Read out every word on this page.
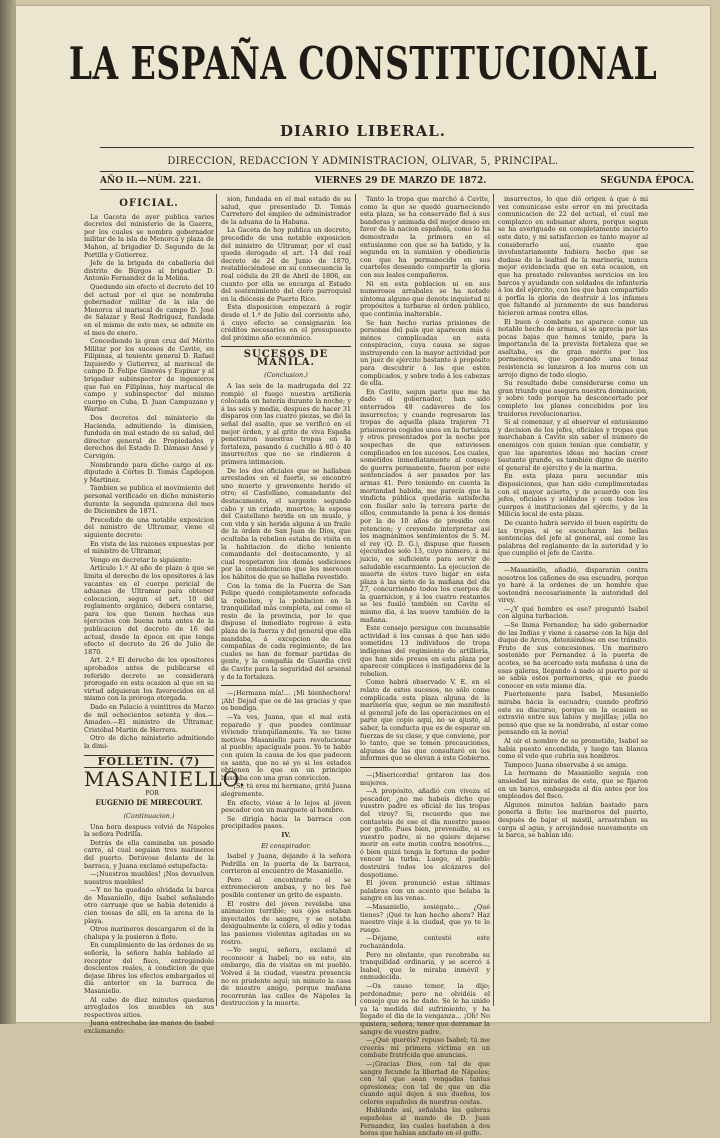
LA ESPAÑA CONSTITUCIONAL
DIARIO LIBERAL.
DIRECCION, REDACCION Y ADMINISTRACION, OLIVAR, 5, PRINCIPAL.
AÑO II.—NÚM. 221.	VIERNES 29 DE MARZO DE 1872.	SEGUNDA ÉPOCA.
OFICIAL.

La Gaceta de ayer publica varios decretos del ministerio de la Guerra, por los cuales se nombra gobernador militar de la isla de Menorca y plaza de Mahon, al brigadier D. Segundo de la Portilla y Gutierrez.

Jefe de la brigada de caballería del distrito de Búrgos al brigadier D. Antonio Fernandez de la Molina.

Quedando sin efecto el decreto del 10 del actual por el que se nombraba gobernador militar de la isla de Menorca al mariscal de campo D. José de Salazar y Real Rodríguez, fundada en el mismo de este mes, se admite en el mes de enero.

Concediendo la gran cruz del Mérito Militar por los sucesos de Cavite, en Filipinas, al teniente general D. Rafael Izquierdo y Gutierrez, al mariscal de campo D. Felipe Ginovés y Espinar y al brigadier subinspector de ingenieros que fué en Filipinas, hoy mariscal de campo y subinspector del mismo cuerpo en Cuba, D. Juan Campuzano y Warner.

Dos decretos del ministerio de Hacienda, admitiendo la dimision, fundada en mal estado de su salud, del director general de Propiedades y derechos del Estado D. Dámaso Ansó y Cervigón.

Nombrando para dicho cargo al ex-diputado á Córtes D. Tomás Capdepon y Martinez.

Tambien se publica el movimiento del personal verificado en dicho ministerio durante la segunda quincena del mes de Diciembre de 1871.

Precedido de una notable exposicion del ministro de Ultramar, viene el siguiente decreto:

En vista de las razones expuestas por el ministro de Ultramar,

Vengo en decretar lo siguiente:

Artículo 1.º Al año de plazo á que se limita el derecho de los opositores á las vacantes en el cuerpo pericial de aduanas de Ultramar para obtener colocacion, segun el art. 10 del reglamento orgánico, deberá contarse, para los que tienen hechas sus ejercicios con buena nota antes de la publicacion del decreto de 16 del actual, desde la época en que tenga efecto el decreto de 26 de Julio de 1870.

Art. 2.º El derecho de los opositores aprobados antes de publicarse el referido decreto se considerará prorogado en esta ocasion al que en su virtud adquieran los favorecidos en el mismo con la próroga otorgada.

Dado en Palacio á veintitres de Marzo de mil ochocientos setenta y dos.—Amadeo.—El ministro de Ultramar, Cristóbal Martin de Herrera.

Otro de dicho ministerio admitiendo la dimi-

FOLLETIN. (7)
MASANIELLO.

POR

EUGENIO DE MIRECOURT.
(Continuacion.)

Una hora despues volvió de Nápoles la señora Pedrilla.

Detrás de ella caminaba un pesado carro, al cual seguian tres marineros del puerto. Detúvose delante de la barraca, y Juana exclamó estupefacta:

—¡Nuestros muebles! ¡Nos devuelven nuestros muebles!

—Y no ha quedado olvidada la barca de Masaniello, dijo Isabel señalando otro carruaje que se había detenido á cien toesas de allí, en la arena de la playa.

Otros marineros descargaron el de la chalupa y la pusieron á flote.

En cumplimiento de las órdenes de su señoría, la señora había hablado al receptor del fisco, entregándole doscientos reales, á condicion de que dejase libres los efectos embargados el dia anterior en la barraca de Masaniello.

Al cabo de diez minutos quedaron arreglados los muebles en sus respectivos sitios.

Juana estrechaba las manos de Isabel exclamando:

sion, fundada en el mal estado de su salud, que presentado D. Tomás Carretero del empleo de administrador de la aduana de la Habana.

La Gaceta de hoy publica un decreto, precedido de una notable exposicion del ministro de Ultramar, por el cual queda derogado el art. 14 del real decreto de 24 de Junio de 1870, restableciéndose en su consecuencia la real cédula de 20 de Abril de 1806, en cuanto por ella se encarga al Estado del sostenimiento del clero parroquial en la diócesis de Puerto Rico.

Esta disposicion empezará á regir desde el 1.º de Julio del corriente año, á cuyo efecto se consignarán los créditos necesarios en el presupuesto del próximo año económico.

SUCESOS DE MANILA.
(Conclusion.)

A las seis de la madrugada del 22 rompió el fuego nuestra artillería colocada en batería durante la noche; y á las seis y media, despues de hacer 31 disparos con las cuatro piezas, se dió la señal del asalto, que se verificó en el mejor órden, y al grito de viva España penetraron nuestras tropas en la fortaleza, pasando á cuchillo á 80 ó 40 insurrectos que no se rindieron á primera intimacion.

De los dos oficiales que se hallaban arrestados en el fuerte, se encontró uno muerto y gravemente herido el otro; el Castellano, comandante del destacamento, el sargento segundo cabo y un criado, muertos; la esposa del Castellano herida en un muslo, y con vida y sin herida alguna á un fraile de la órden de San Juan de Dios, que ocultaba la rebelion estaba de visita en la habitacion de dicho teniente comandante del destacamento, y al cual respetaron los demás sediciosos por la consideracion que les merecen los hábitos de que se hallaba revestido.

Con la toma de la Fuerza de San Felipe quedó completamente sofocada la rebelion, y la poblacion en la tranquilidad más completa, así como el resto de la provincia, por lo que dispuse el inmediato regreso á esta plaza de la fuerza y del general que ella mandaba, á excepcion de dos compañías de cada regimiento, de las cuales se han de formar partidas de gente, y la compañía de Guardia civil de Cavite para la seguridad del arsenal y de la fortaleza.

—¡Hermana mía!... ¡Mi bienhechora! ¡Ah! Dejad que os dé las gracias y que os bendiga.

—Ya ves, Juana, que el mal está reparado y que puedes continuar viviendo tranquilamente. Ya no tiene motivos Masaniello para revolucionar al pueblo; apacíguale pues. Yo te hablo con quien la causa de los que padecen es santa, que no sé yo si los estados obtienen lo que en un principio buscaba con una gran conviccion.

—¡Si, tú eres mi hermano, gritó Juana alegremente.

En efecto, vióse á lo lejos al jóven pescador con un marquete al hombro.

Se dirigía hácia la barraca con precipitados pasos.

IV.
El conspirador.

Isabel y Juana, dejando á la señora Pedrilla en la puerta de la barraca, corrieron al encuentro de Masaniello.

Pero al encontrarle el se extremecieron ambas, y no les fué posible contener un grito de espanto.

El rostro del jóven revelaba una animacion terrible; sus ojos estaban inyectados de sangre, y se notaba desigualmente la cólera, el odio y todas las pasiones violentas agitadas en su rostro.

—Yo seguí, señora, exclamó al reconocer á Isabel; no es esto, sin embargo, día de visitas en mi pueblo. Volved á la ciudad, vuestra presencia no es prudente aquí; un minuto la casa de nuestro amigo, porque mañana recorrerán las calles de Nápoles la destruccion y la muerte.

Tanto la tropa que marchó á Cavite, como la que se quedó guarneciendo esta plaza, se ha conservado fiel á sus banderas y animada del mejor deseo en favor de la nacion española, como lo ha demostrado la primera en el entusiasmo con que se ha batido, y la segunda en la sumision y obediencia con que ha permanecido en sus cuarteles deseando compartir la gloria con sus leales compañeros.

Ni en esta poblacion ni en sus numerosos arrabales se ha notado síntoma alguno que denote inquietud ni propósitos á turbarse el órden público, que continúa inalterable.

Se han hecho varias prisiones de personas del país que aparecen más ó ménos complicadas en esta conspiracion, cuya causa se sigue instruyendo con la mayor actividad por un juez de ejército bastante á propósito para descubrir á los que estén complicados, y sobre todo á los cabezas de ella.

En Cavite, segun parte que me ha dado el gobernador, han sido enterrados 48 cadáveres de los insurrectos; y cuando regresaron las tropas de aquella plaza trajeron 71 prisioneros cogidos unos en la fortaleza y otros presentados por la noche por sospechas de que estuviesen complicados en los sucesos. Los cuales, sometidos inmediatamente al consejo de guerra permanente, fueron por este sentenciados á ser pasados por las armas 41. Pero teniendo en cuenta la mortandad habida, me parecía que la vindicta pública quedaría satisfecha con fusilar solo la tercera parte de ellos, conmutando la pena á los demás por la de 10 años de presidio con retencion; y creyendo interpretar así los magnánimos sentimientos de S. M. el rey (Q. D. G.), dispuse que fuesen ejecutados solo 13, cuyo número, á mi juicio, es suficiente para servir de saludable escarmiento. La ejecucion de muerte de éstos tuvo lugar en esta plaza á las siete de la mañana del dia 27, concurriendo todos los cuerpos de la guarnicion, y á los cuatro restantes se les fusiló también en Cavite el mismo dia, á las nueve también de la mañana.

Este consejo persigue con incansable actividad á los causas á que han sido sometidos 13 individuos de tropa indígenas del regimiento de artillería, que han sido presos en esta plaza por aparecer cómplices ó instigadores de la rebelion.

Como habrá observado V. E. en el relato de estos sucesos, no sólo como complicada esta plaza alguna de la marinería que, segun se me manifestó el general jefe de las operaciones en el parte que copio aquí, no se ajustó, al saber, la conducta que es de esperar en fuerzas de su clase, y que conviene, por lo tanto, que se tomen precauciones, algunas de las que consultaré en los informes que se elevan á este Gobierno.

—¡Misericordia! gritaron las dos mujeres.

—A propósito, añadió con viveza el pescador, ¿no me habeis dicho que vuestro padre es oficial de las tropas del virey? Si, recuerdo que me contasteis de ese el día nuestro paseo por golfo. Pues bien, prevenídle, si es vuestro padre, si no quiere dejarse morir en este motin contra nosotros..., ó bien quizá tenga la fortuna de poder vencer la turba. Luego, el pueblo destruirá todos los alcázares del despotismo.

El jóven pronunció estas últimas palabras con un acento que helaba la sangre en las venas.

—Masaniello, sosiégate... ¿Qué tienes? ¡Qué te han hecho ahora? Haz nuestro viaje á la ciudad, que yo te lo ruego.

—Déjame, contestó este rechazándola.

Pero no obstante, que recobraba su tranquilidad ordinaria, y se acercó á Isabel, que le miraba inmóvil y enmudecida.

—Os causo temor, la dijo; perdonadme; pero no olvidéis el consejo que os he dado. Se le ha unido ya la medida del sufrimiento, y ha llegado el dia de la venganza... ¡Oh! No quisiera, señora, tener que derramar la sangre de vuestro padre.

—¿Qué queréis? repuso Isabel; tú me creerás mi primera víctima en un combate fratricida que anuncias.

—¡Gracias Dios, con tal de que sangre fecunde la libertad de Nápoles; con tal que sean vengadas tantas opresiones; con tal de que un día cuando aquí dejen á sus dueños, los colores españoles de nuestras costas.

Hablando así, señalaba las galeras españolas al mando de D. Juan Fernandez, las cuales bastaban á dos horas que habían anclado en el golfo.

insurrectos, lo que dió origen á que á mi vez comunicase este error en mi precitada comunicacion de 22 del actual, el cual me complazco en subsanar ahora, porque segun se ha averiguado en completamente incierto este dato, y mi satisfaccion es tanto mayor al considerarlo así, cuanto que involuntariamente hubiera hecho que se dudase de la lealtad de la marinería, nunca mejor evidenciada que en esta ocasion, en que ha prestado relevantes servicios en los barcos y ayudando con soldados de infantería á los del ejército, con los que han compartido á porfía la gloria de destruir á los infames que faltando al juramento de sus banderas hicieron armas contra ellas.

El buen ó combate no aparece como un notable hecho de armas, si se aprecia por las pocas bajas que hemos tenido, para la importancia de la prevista fortaleza que se asaltaba, es de gran mérito por los pormenores, que operando una tenaz resistencia se lanzaron á los muros con un arrojo digno de todo elogio.

Su resultado debe considerarse como un gran triunfo que asegura nuestra dominacion, y sobre todo porque ha desconcertado por completo los planes concebidos por los traidores revolucionarios.

Si al comenzar, y al observar el entusiasmo y decision de los jefes, oficiales y tropas que marchaban á Cavite sin saber el número de enemigos con quien tenían que combatir, y que las aparentes ideas me hacían creer bastante grande, es también digno de mérito el general de ejército y de la marina.

En esta plaza para secundar mis disposiciones, que han sido cumplimentadas con el mayor acierto, y de acuerdo con los jefes, oficiales y soldados y con todos los cuerpos é instituciones del ejército, y de la Milicia local de esta plaza.

De cuanto habrá servido él buen espíritu de las tropas, si se escucharan las bellas sentencias del jefe al general, así como las palabras del reglamento de la autoridad y lo que cumplió el jefe de Cavite.

—Masaniello, añadió, dispararán contra nosotros los cañones de esa escuadra, porque yo haré á la ordenes de un hombre que sostendrá necesariamente la autoridad del virey.

—¿Y qué hombre es ese? preguntó Isabel con alguna turbacion.

—Se llama Fernandez; ha sido gobernador de las Indias y viene á casarse con la hija del duque de Arcos, deteniéndose en ese tránsito. Fruto de sus concesiones. Un marinero sostenido por Fernandez á la puerta de acotes, se ha acercado esta mañana á una de esas galeras, llegando á nado al puerto por si se sabía estos pormenores, que se puede conocer en este mismo día.

Fuertemente para Isabel, Masaniello miraba hácia la escuadra; cuando profirió este su discurso, porque en la ocasion se extravió entre sus labios y mejillas; ¡ella no pensó que que se la nombraba, al estar como pensando en la novia!

Al oír el nombre de su prometido, Isabel se había puesto encendida, y luego tan blanca como el velo que cubría sus hombros.

Tampoco Juana observaba á su amiga.

La hermana de Masaniello seguía con ansiedad las miradas de este, que se fijaron en un barco, embargada al día antes por los empleados del fisco.

Algunos minutos habían bastado para ponerla á flote: los marineros del puerto, después de bajar el mástil, arrastraban su carga al agua, y arrojándose nuevamente en la barca, se habían ido.
